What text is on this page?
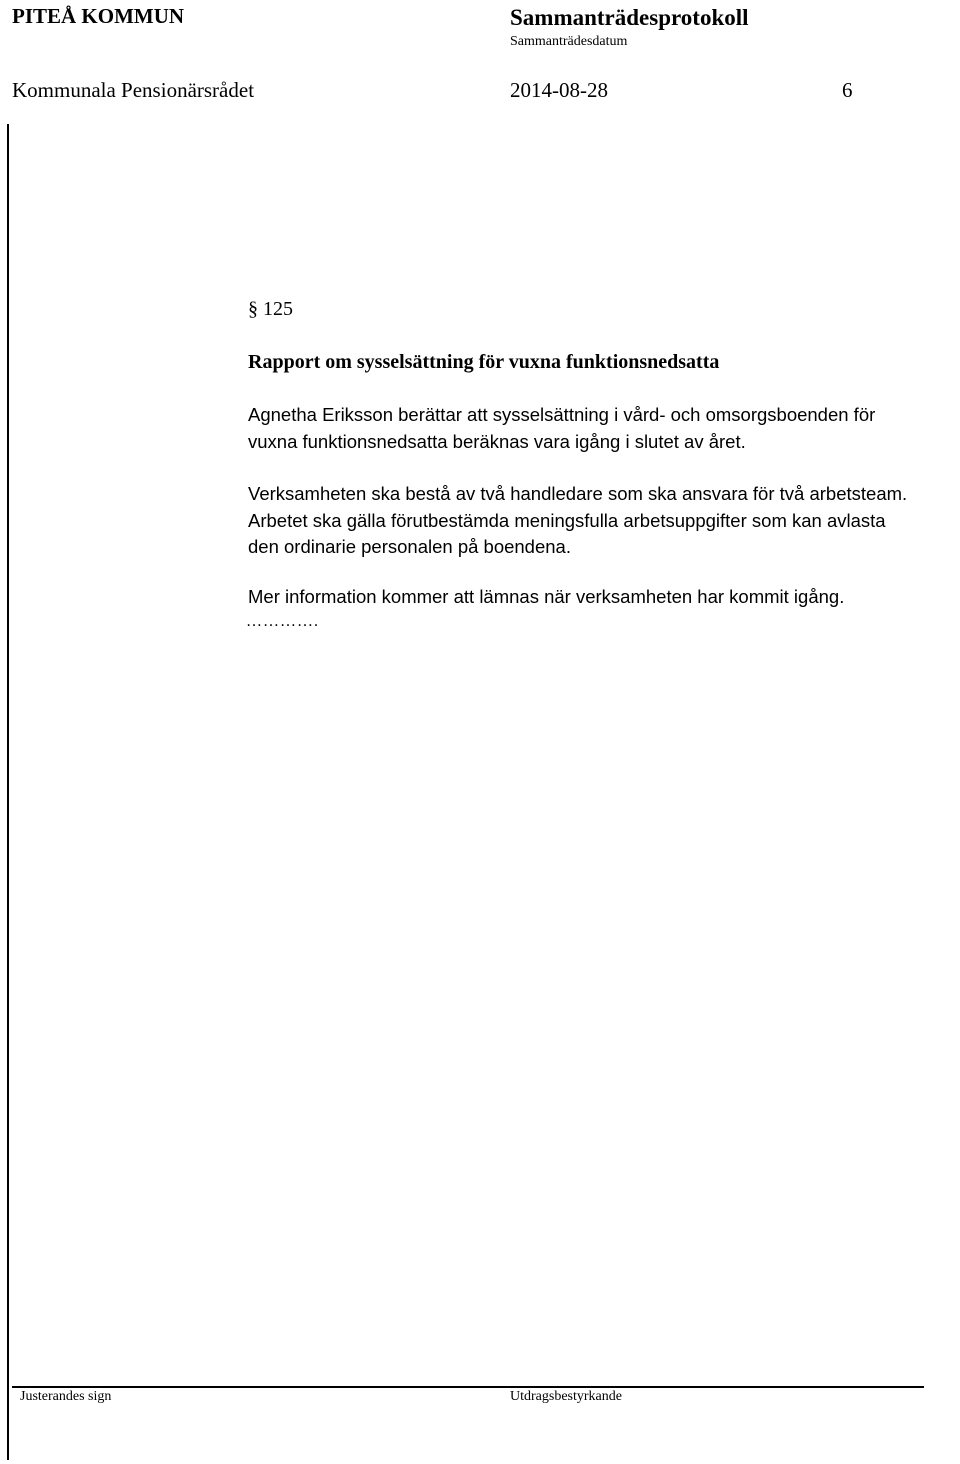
PITEÅ KOMMUN	Sammanträdesprotokoll
Sammanträdesdatum
Kommunala Pensionärsrådet	2014-08-28	6
§ 125
Rapport om sysselsättning för vuxna funktionsnedsatta
Agnetha Eriksson berättar att sysselsättning i vård- och omsorgsboenden för
vuxna funktionsnedsatta beräknas vara igång i slutet av året.
Verksamheten ska bestå av två handledare som ska ansvara för två arbetsteam.
Arbetet ska gälla förutbestämda meningsfulla arbetsuppgifter som kan avlasta
den ordinarie personalen på boendena.
Mer information kommer att lämnas när verksamheten har kommit igång.
………….
Justerandes sign	Utdragsbestyrkande
